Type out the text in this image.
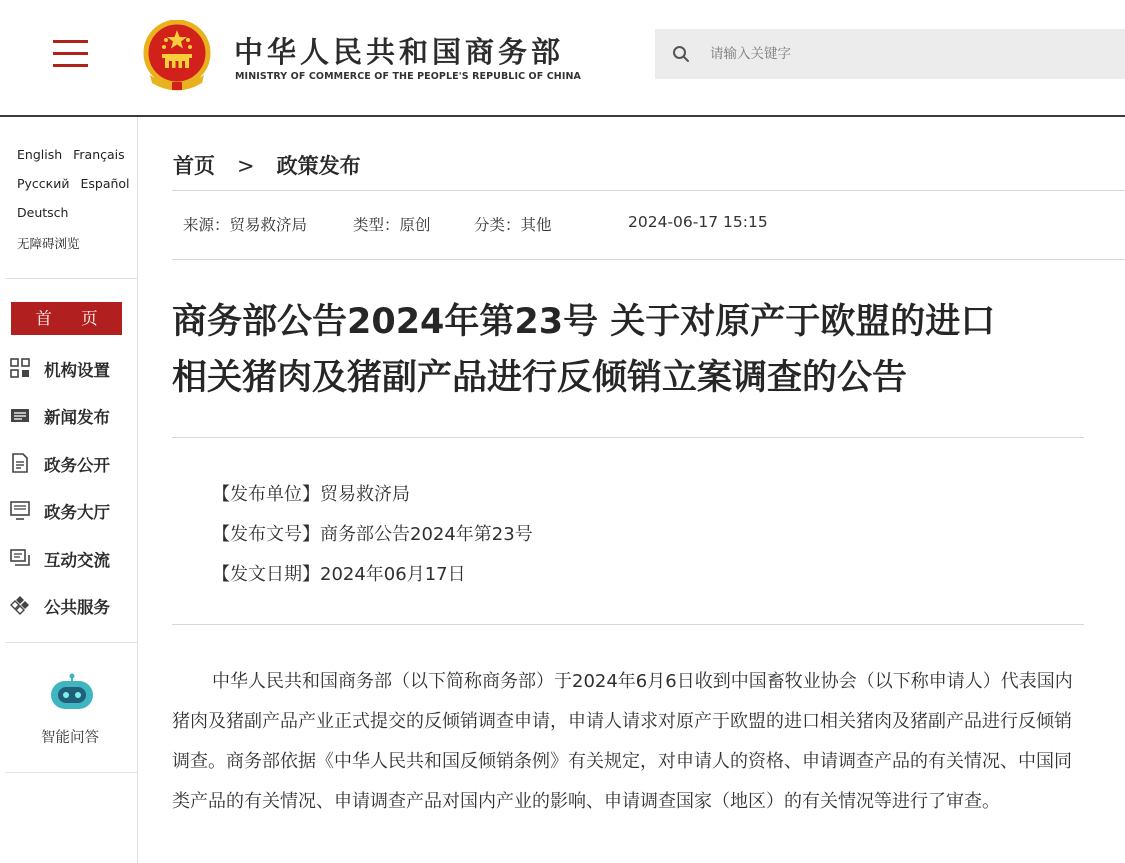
中华人民共和国商务部
MINISTRY OF COMMERCE OF THE PEOPLE'S REPUBLIC OF CHINA
请输入关键字
English Français
Русский Español
Deutsch
无障碍浏览
首 页
机构设置
新闻发布
政务公开
政务大厅
互动交流
公共服务
智能问答
首页 > 政策发布
来源：贸易救济局	类型：原创	分类：其他	2024-06-17 15:15
商务部公告2024年第23号 关于对原产于欧盟的进口
相关猪肉及猪副产品进行反倾销立案调查的公告
【发布单位】贸易救济局
【发布文号】商务部公告2024年第23号
【发文日期】2024年06月17日

中华人民共和国商务部（以下简称商务部）于2024年6月6日收到中国畜牧业协会（以下称申请人）代表国内猪肉及猪副产品产业正式提交的反倾销调查申请，申请人请求对原产于欧盟的进口相关猪肉及猪副产品进行反倾销调查。商务部依据《中华人民共和国反倾销条例》有关规定，对申请人的资格、申请调查产品的有关情况、中国同类产品的有关情况、申请调查产品对国内产业的影响、申请调查国家（地区）的有关情况等进行了审查。
